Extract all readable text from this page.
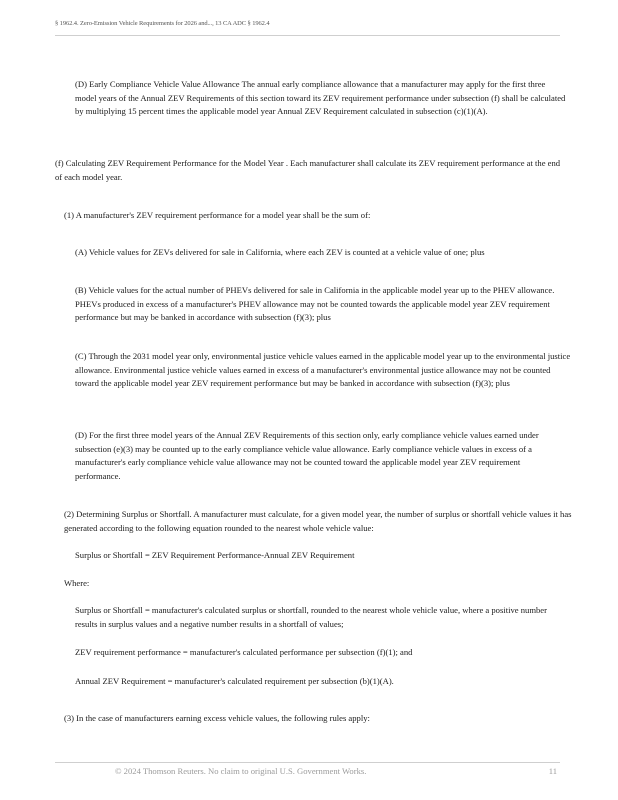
§ 1962.4. Zero-Emission Vehicle Requirements for 2026 and..., 13 CA ADC § 1962.4

(D) Early Compliance Vehicle Value Allowance The annual early compliance allowance that a manufacturer may apply for the first three model years of the Annual ZEV Requirements of this section toward its ZEV requirement performance under subsection (f) shall be calculated by multiplying 15 percent times the applicable model year Annual ZEV Requirement calculated in subsection (c)(1)(A).

(f) Calculating ZEV Requirement Performance for the Model Year . Each manufacturer shall calculate its ZEV requirement performance at the end of each model year.

(1) A manufacturer's ZEV requirement performance for a model year shall be the sum of:

(A) Vehicle values for ZEVs delivered for sale in California, where each ZEV is counted at a vehicle value of one; plus

(B) Vehicle values for the actual number of PHEVs delivered for sale in California in the applicable model year up to the PHEV allowance. PHEVs produced in excess of a manufacturer's PHEV allowance may not be counted towards the applicable model year ZEV requirement performance but may be banked in accordance with subsection (f)(3); plus

(C) Through the 2031 model year only, environmental justice vehicle values earned in the applicable model year up to the environmental justice allowance. Environmental justice vehicle values earned in excess of a manufacturer's environmental justice allowance may not be counted toward the applicable model year ZEV requirement performance but may be banked in accordance with subsection (f)(3); plus

(D) For the first three model years of the Annual ZEV Requirements of this section only, early compliance vehicle values earned under subsection (e)(3) may be counted up to the early compliance vehicle value allowance. Early compliance vehicle values in excess of a manufacturer's early compliance vehicle value allowance may not be counted toward the applicable model year ZEV requirement performance.

(2) Determining Surplus or Shortfall. A manufacturer must calculate, for a given model year, the number of surplus or shortfall vehicle values it has generated according to the following equation rounded to the nearest whole vehicle value:

Surplus or Shortfall = ZEV Requirement Performance-Annual ZEV Requirement

Where:

Surplus or Shortfall = manufacturer's calculated surplus or shortfall, rounded to the nearest whole vehicle value, where a positive number results in surplus values and a negative number results in a shortfall of values;

ZEV requirement performance = manufacturer's calculated performance per subsection (f)(1); and

Annual ZEV Requirement = manufacturer's calculated requirement per subsection (b)(1)(A).

(3) In the case of manufacturers earning excess vehicle values, the following rules apply:

© 2024 Thomson Reuters. No claim to original U.S. Government Works.	11
